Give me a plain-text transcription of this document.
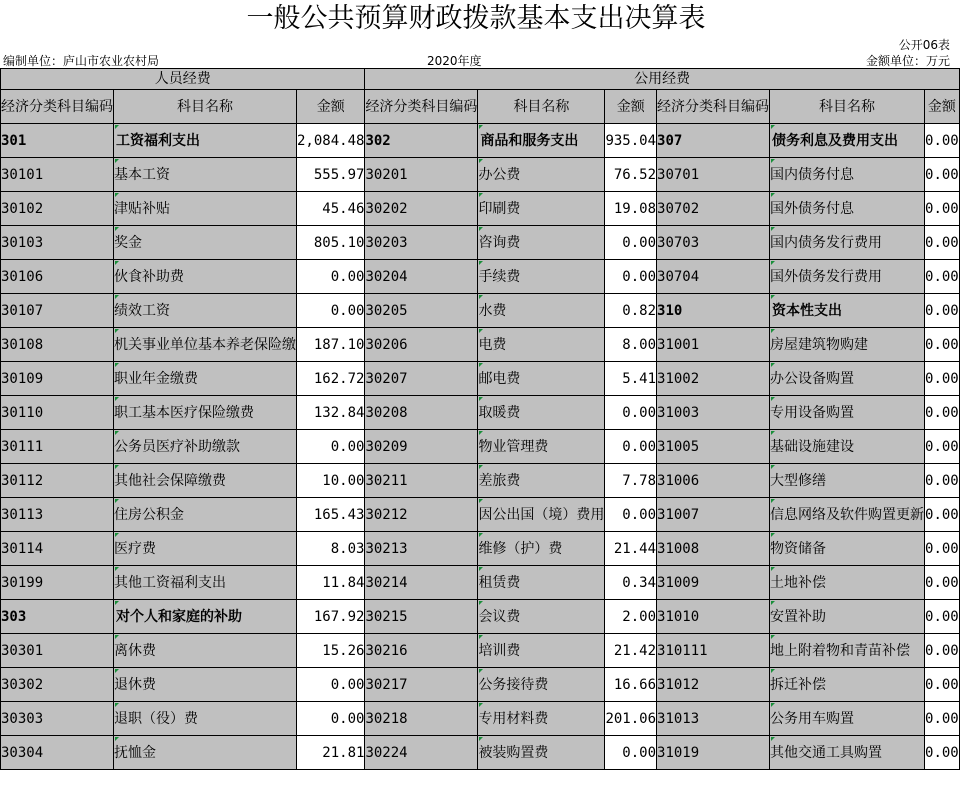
一般公共预算财政拨款基本支出决算表
公开06表
编制单位：庐山市农业农村局	2020年度	金额单位：万元
人员经费			公用经费					
经济分类科目编码	科目名称	金额	经济分类科目编码	科目名称	金额	经济分类科目编码	科目名称	金额
301	工资福利支出	2,084.48	302	商品和服务支出	935.04	307	债务利息及费用支出	0.00
30101	基本工资	555.97	30201	办公费	76.52	30701	国内债务付息	0.00
30102	津贴补贴	45.46	30202	印刷费	19.08	30702	国外债务付息	0.00
30103	奖金	805.10	30203	咨询费	0.00	30703	国内债务发行费用	0.00
30106	伙食补助费	0.00	30204	手续费	0.00	30704	国外债务发行费用	0.00
30107	绩效工资	0.00	30205	水费	0.82	310	资本性支出	0.00
30108	机关事业单位基本养老保险缴	187.10	30206	电费	8.00	31001	房屋建筑物购建	0.00
30109	职业年金缴费	162.72	30207	邮电费	5.41	31002	办公设备购置	0.00
30110	职工基本医疗保险缴费	132.84	30208	取暖费	0.00	31003	专用设备购置	0.00
30111	公务员医疗补助缴款	0.00	30209	物业管理费	0.00	31005	基础设施建设	0.00
30112	其他社会保障缴费	10.00	30211	差旅费	7.78	31006	大型修缮	0.00
30113	住房公积金	165.43	30212	因公出国（境）费用	0.00	31007	信息网络及软件购置更新	0.00
30114	医疗费	8.03	30213	维修（护）费	21.44	31008	物资储备	0.00
30199	其他工资福利支出	11.84	30214	租赁费	0.34	31009	土地补偿	0.00
303	对个人和家庭的补助	167.92	30215	会议费	2.00	31010	安置补助	0.00
30301	离休费	15.26	30216	培训费	21.42	310111	地上附着物和青苗补偿	0.00
30302	退休费	0.00	30217	公务接待费	16.66	31012	拆迁补偿	0.00
30303	退职（役）费	0.00	30218	专用材料费	201.06	31013	公务用车购置	0.00
30304	抚恤金	21.81	30224	被装购置费	0.00	31019	其他交通工具购置	0.00
